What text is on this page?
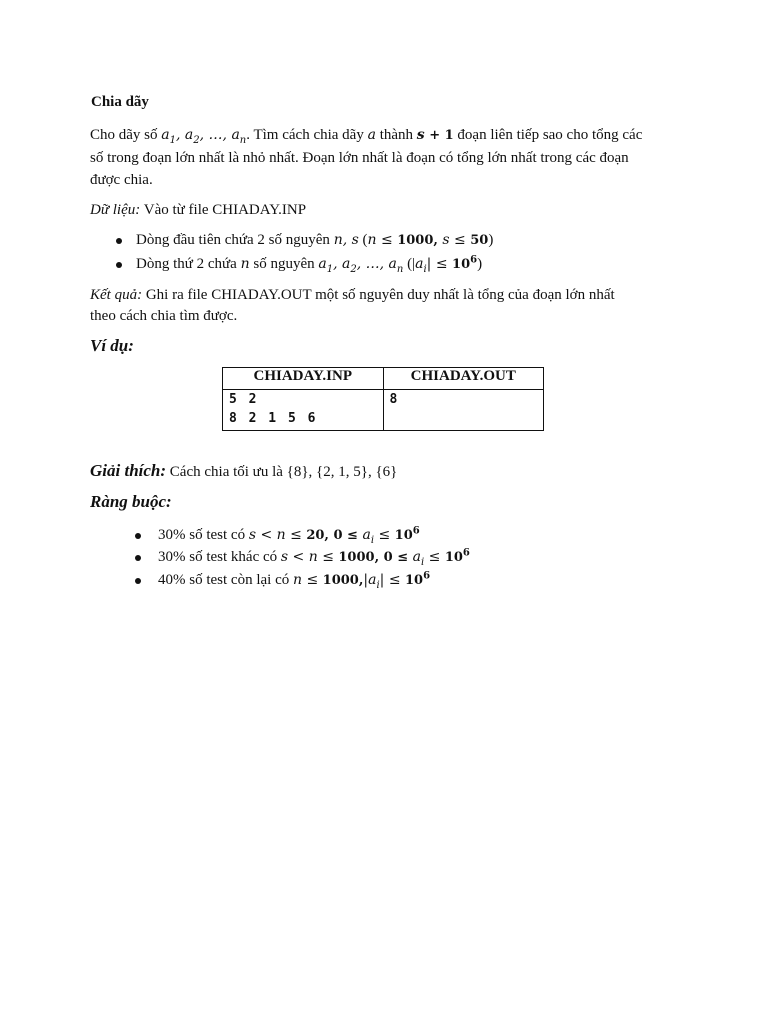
Chia dãy
Cho dãy số $a_1$, $a_2$, …, $a_n$. Tìm cách chia dãy a thành s + 1 đoạn liên tiếp sao cho tổng các
số trong đoạn lớn nhất là nhỏ nhất. Đoạn lớn nhất là đoạn có tổng lớn nhất trong các đoạn
được chia.
Dữ liệu: Vào từ file CHIADAY.INP
Dòng đầu tiên chứa 2 số nguyên n, s (n ≤ 1000, s ≤ 50)
Dòng thứ 2 chứa n số nguyên $a_1$, $a_2$, …, $a_n$ $(|a_i| \le 10^6)$
Kết quả: Ghi ra file CHIADAY.OUT một số nguyên duy nhất là tổng của đoạn lớn nhất
theo cách chia tìm được.
Ví dụ:
CHIADAY.INP	CHIADAY.OUT

5 2
8 2 1 5 6	8
Giải thích: Cách chia tối ưu là {8}, {2, 1, 5}, {6}
Ràng buộc:
30% số test có s < n ≤ 20, $0 \le a_i \le 10^6$
30% số test khác có s < n ≤ 1000, $0 \le a_i \le 10^6$
40% số test còn lại có $n \le 1000,|a_i| \le 10^6$
